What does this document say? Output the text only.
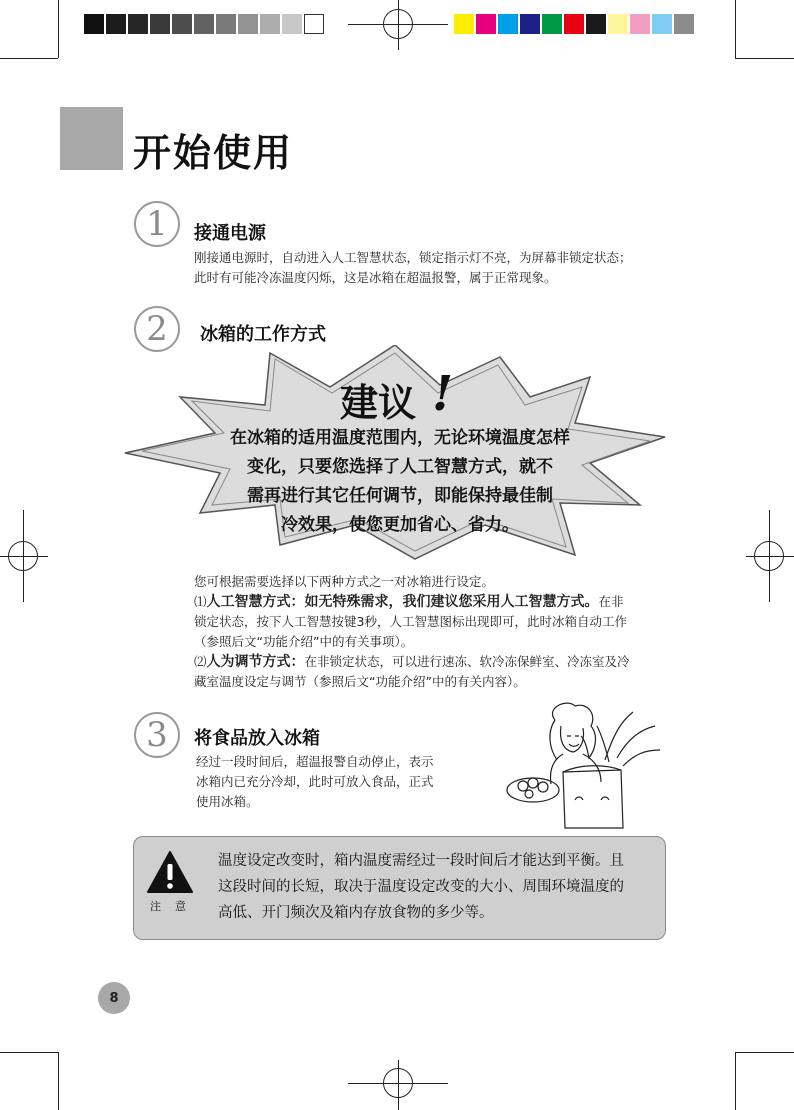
开始使用
1	接通电源
刚接通电源时，自动进入人工智慧状态，锁定指示灯不亮，为屏幕非锁定状态；
此时有可能冷冻温度闪烁，这是冰箱在超温报警，属于正常现象。
2	冰箱的工作方式
建议 !
在冰箱的适用温度范围内，无论环境温度怎样
变化，只要您选择了人工智慧方式，就不
需再进行其它任何调节，即能保持最佳制
冷效果，使您更加省心、省力。
您可根据需要选择以下两种方式之一对冰箱进行设定。
⑴人工智慧方式：如无特殊需求，我们建议您采用人工智慧方式。在非
锁定状态，按下人工智慧按键3秒，人工智慧图标出现即可，此时冰箱自动工作
（参照后文“功能介绍”中的有关事项）。
⑵人为调节方式：在非锁定状态，可以进行速冻、软冷冻保鲜室、冷冻室及冷
藏室温度设定与调节（参照后文“功能介绍”中的有关内容）。
3	将食品放入冰箱
经过一段时间后，超温报警自动停止，表示
冰箱内已充分冷却，此时可放入食品，正式
使用冰箱。
注意
温度设定改变时，箱内温度需经过一段时间后才能达到平衡。且
这段时间的长短，取决于温度设定改变的大小、周围环境温度的
高低、开门频次及箱内存放食物的多少等。
8
